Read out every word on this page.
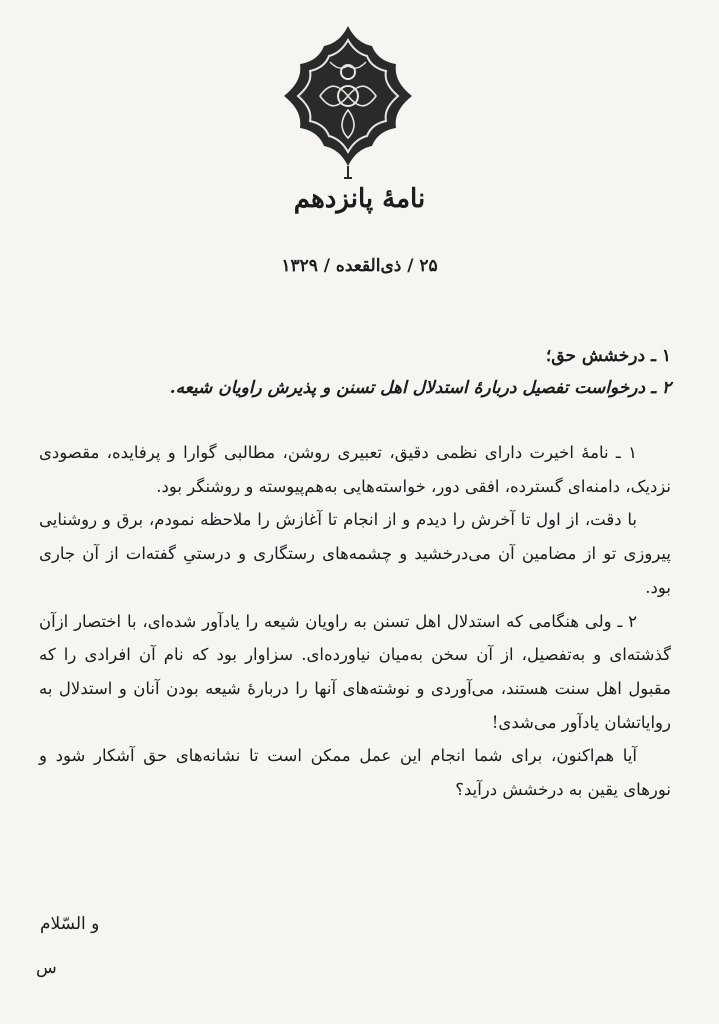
نامهٔ پانزدهم
۲۵ / ذی‌القعده / ۱۳۲۹
۱ ـ درخشش حق؛
۲ ـ درخواست تفصیل دربارهٔ استدلال اهل تسنن و پذیرش راویان شیعه.

۱ ـ نامهٔ اخیرت دارای نظمی دقیق، تعبیری روشن، مطالبی گوارا و پرفایده، مقصودی نزدیک، دامنه‌ای گسترده، افقی دور، خواسته‌هایی به‌هم‌پیوسته و روشنگر بود.

با دقت، از اول تا آخرش را دیدم و از انجام تا آغازش را ملاحظه نمودم، برق و روشنایی پیروزی تو از مضامین آن می‌درخشید و چشمه‌های رستگاری و درستیِ گفته‌ات از آن جاری بود.

۲ ـ ولی هنگامی که استدلال اهل تسنن به راویان شیعه را یادآور شده‌ای، با اختصار ازآن گذشته‌ای و به‌تفصیل، از آن سخن به‌میان نیاورده‌ای. سزاوار بود که نام آن افرادی را که مقبول اهل سنت هستند، می‌آوردی و نوشته‌های آنها را دربارهٔ شیعه بودن آنان و استدلال به روایاتشان یادآور می‌شدی!

آیا هم‌اکنون، برای شما انجام این عمل ممکن است تا نشانه‌های حق آشکار شود و نورهای یقین به درخشش درآید؟

و السّلام
س
